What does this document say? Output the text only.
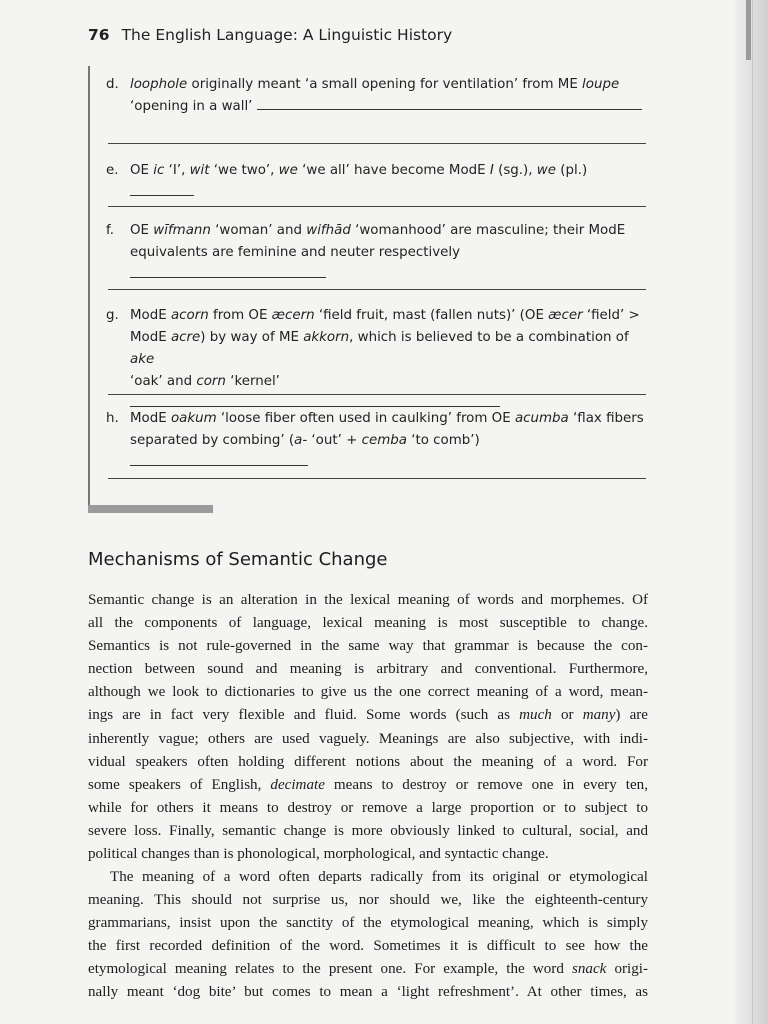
76 The English Language: A Linguistic History
d. loophole originally meant ‘a small opening for ventilation’ from ME loupe
‘opening in a wall’
e. OE ic ‘I’, wit ‘we two’, we ‘we all’ have become ModE I (sg.), we (pl.)
f.	OE wīfmann ‘woman’ and wifhād ‘womanhood’ are masculine; their ModE
equivalents are feminine and neuter respectively
g. ModE acorn from OE æcern ‘field fruit, mast (fallen nuts)’ (OE æcer ‘field’ >
ModE acre) by way of ME akkorn, which is believed to be a combination of ake
‘oak’ and corn ‘kernel’
h. ModE oakum ‘loose fiber often used in caulking’ from OE acumba ‘flax fibers
separated by combing’ (a- ‘out’ + cemba ‘to comb’)
Mechanisms of Semantic Change
Semantic change is an alteration in the lexical meaning of words and morphemes. Of
all the components of language, lexical meaning is most susceptible to change.
Semantics is not rule-governed in the same way that grammar is because the con-
nection between sound and meaning is arbitrary and conventional. Furthermore,
although we look to dictionaries to give us the one correct meaning of a word, mean-
ings are in fact very flexible and fluid. Some words (such as much or many) are
inherently vague; others are used vaguely. Meanings are also subjective, with indi-
vidual speakers often holding different notions about the meaning of a word. For
some speakers of English, decimate means to destroy or remove one in every ten,
while for others it means to destroy or remove a large proportion or to subject to
severe loss. Finally, semantic change is more obviously linked to cultural, social, and
political changes than is phonological, morphological, and syntactic change.
The meaning of a word often departs radically from its original or etymological
meaning. This should not surprise us, nor should we, like the eighteenth-century
grammarians, insist upon the sanctity of the etymological meaning, which is simply
the first recorded definition of the word. Sometimes it is difficult to see how the
etymological meaning relates to the present one. For example, the word snack origi-
nally meant ‘dog bite’ but comes to mean a ‘light refreshment’. At other times, as
